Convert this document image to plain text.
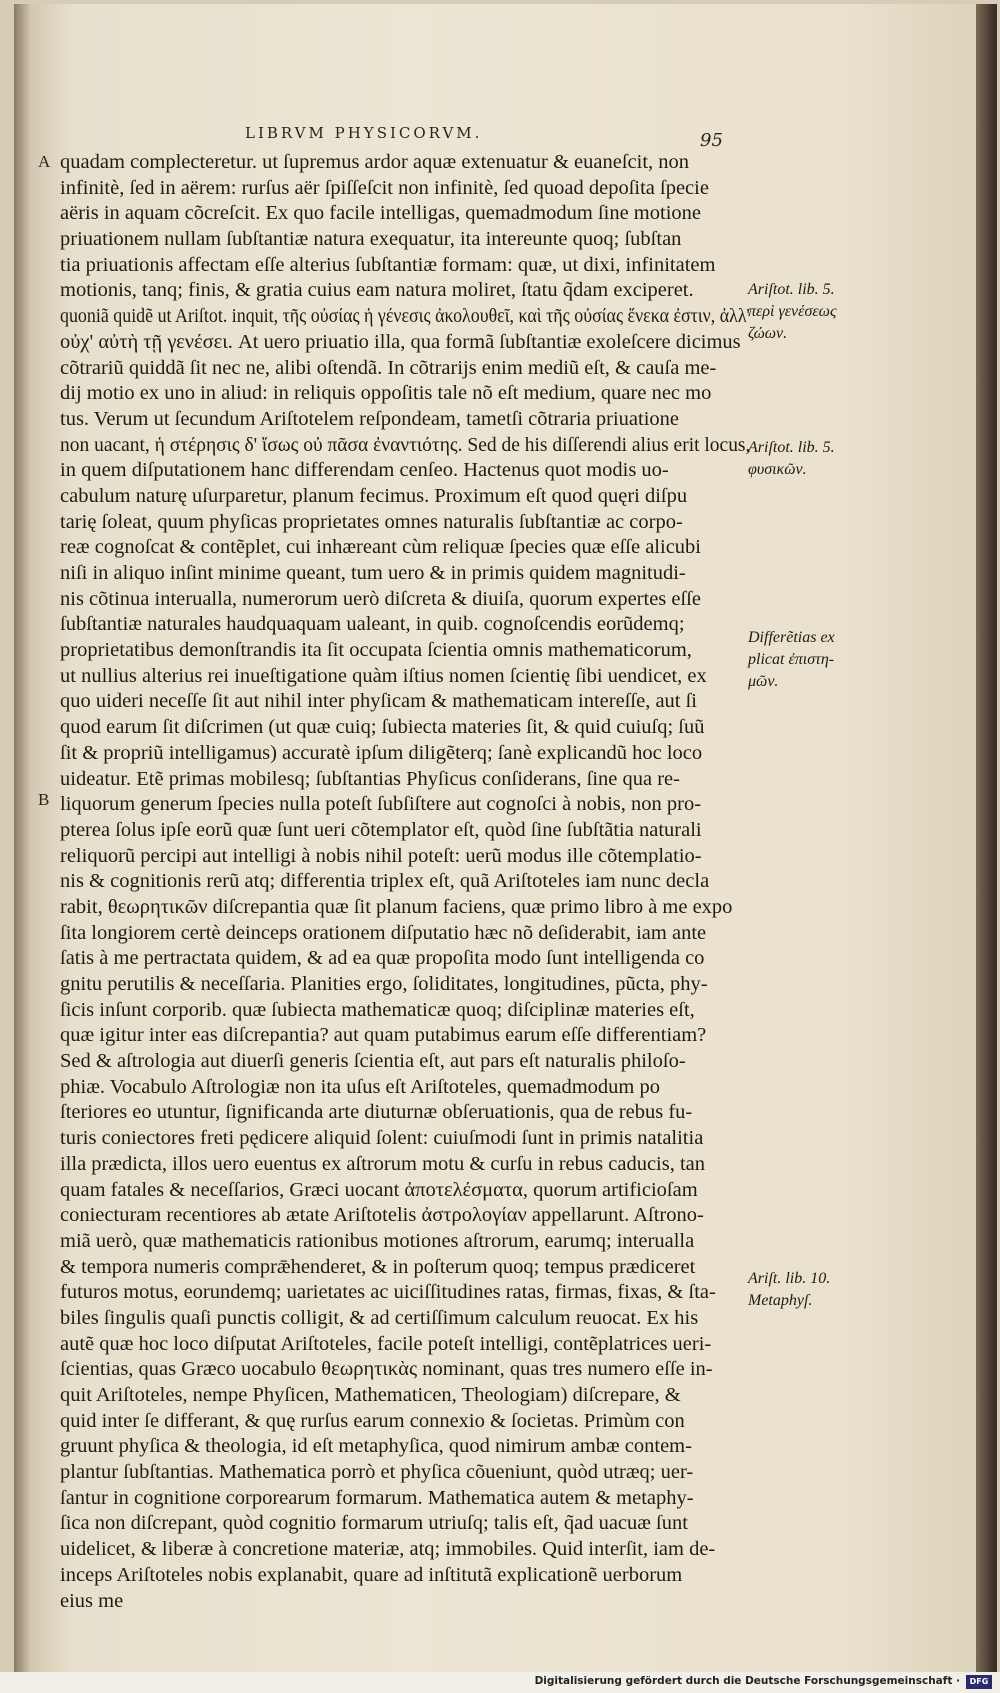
LIBRVM PHYSICORVM.	95
A
B
quadam complecteretur. ut ſupremus ardor aquæ extenuatur & euaneſcit, non
infinitè, ſed in aërem: rurſus aër ſpiſſeſcit non infinitè, ſed quoad depoſita ſpecie
aëris in aquam cõcreſcit. Ex quo facile intelligas, quemadmodum ſine motione
priuationem nullam ſubſtantiæ natura exequatur, ita intereunte quoq; ſubſtan
tia priuationis affectam eſſe alterius ſubſtantiæ formam: quæ, ut dixi, infinitatem
motionis, tanq; finis, & gratia cuius eam natura moliret, ſtatu q̃dam exciperet.
quoniã quidẽ ut Ariſtot. inquit, τῆς οὐσίας ἡ γένεσις ἀκολουθεῖ, καὶ τῆς οὐσίας ἕνεκα ἐστιν, ἀλλ'
οὐχ' αὐτὴ τῇ γενέσει. At uero priuatio illa, qua formã ſubſtantiæ exoleſcere dicimus
cõtrariũ quiddã ſit nec ne, alibi oſtendã. In cõtrarijs enim mediũ eſt, & cauſa me-
dij motio ex uno in aliud: in reliquis oppoſitis tale nõ eſt medium, quare nec mo
tus. Verum ut ſecundum Ariſtotelem reſpondeam, tametſi cõtraria priuatione
non uacant, ἡ στέρησις δ' ἴσως οὐ πᾶσα ἐναντιότης. Sed de his diſſerendi alius erit locus,
in quem diſputationem hanc differendam cenſeo. Hactenus quot modis uo-
cabulum naturę uſurparetur, planum fecimus. Proximum eſt quod quęri diſpu
tarię ſoleat, quum phyſicas proprietates omnes naturalis ſubſtantiæ ac corpo-
reæ cognoſcat & contẽplet, cui inhæreant cùm reliquæ ſpecies quæ eſſe alicubi
niſi in aliquo inſint minime queant, tum uero & in primis quidem magnitudi-
nis cõtinua interualla, numerorum uerò diſcreta & diuiſa, quorum expertes eſſe
ſubſtantiæ naturales haudquaquam ualeant, in quib. cognoſcendis eorũdemq;
proprietatibus demonſtrandis ita ſit occupata ſcientia omnis mathematicorum,
ut nullius alterius rei inueſtigatione quàm iſtius nomen ſcientię ſibi uendicet, ex
quo uideri neceſſe ſit aut nihil inter phyſicam & mathematicam intereſſe, aut ſi
quod earum ſit diſcrimen (ut quæ cuiq; ſubiecta materies ſit, & quid cuiuſq; ſuũ
ſit & propriũ intelligamus) accuratè ipſum diligẽterq; ſanè explicandũ hoc loco
uideatur. Etẽ primas mobilesq; ſubſtantias Phyſicus conſiderans, ſine qua re-
liquorum generum ſpecies nulla poteſt ſubſiſtere aut cognoſci à nobis, non pro-
pterea ſolus ipſe eorũ quæ ſunt ueri cõtemplator eſt, quòd ſine ſubſtãtia naturali
reliquorũ percipi aut intelligi à nobis nihil poteſt: uerũ modus ille cõtemplatio-
nis & cognitionis rerũ atq; differentia triplex eſt, quã Ariſtoteles iam nunc decla
rabit, θεωρητικῶν diſcrepantia quæ ſit planum faciens, quæ primo libro à me expo
ſita longiorem certè deinceps orationem diſputatio hæc nõ deſiderabit, iam ante
ſatis à me pertractata quidem, & ad ea quæ propoſita modo ſunt intelligenda co
gnitu perutilis & neceſſaria. Planities ergo, ſoliditates, longitudines, pũcta, phy-
ſicis inſunt corporib. quæ ſubiecta mathematicæ quoq; diſciplinæ materies eſt,
quæ igitur inter eas diſcrepantia? aut quam putabimus earum eſſe differentiam?
Sed & aſtrologia aut diuerſi generis ſcientia eſt, aut pars eſt naturalis philoſo-
phiæ. Vocabulo Aſtrologiæ non ita uſus eſt Ariſtoteles, quemadmodum po
ſteriores eo utuntur, ſignificanda arte diuturnæ obſeruationis, qua de rebus fu-
turis coniectores freti pędicere aliquid ſolent: cuiuſmodi ſunt in primis natalitia
illa prædicta, illos uero euentus ex aſtrorum motu & curſu in rebus caducis, tan
quam fatales & neceſſarios, Græci uocant ἀποτελέσματα, quorum artificioſam
coniecturam recentiores ab ætate Ariſtotelis ἀστρολογίαν appellarunt. Aſtrono-
miã uerò, quæ mathematicis rationibus motiones aſtrorum, earumq; interualla
& tempora numeris comprǣhenderet, & in poſterum quoq; tempus prædiceret
futuros motus, eorundemq; uarietates ac uiciſſitudines ratas, firmas, fixas, & ſta-
biles ſingulis quaſi punctis colligit, & ad certiſſimum calculum reuocat. Ex his
autẽ quæ hoc loco diſputat Ariſtoteles, facile poteſt intelligi, contẽplatrices ueri-
ſcientias, quas Græco uocabulo θεωρητικὰς nominant, quas tres numero eſſe in-
quit Ariſtoteles, nempe Phyſicen, Mathematicen, Theologiam) diſcrepare, &
quid inter ſe differant, & quę rurſus earum connexio & ſocietas. Primùm con
gruunt phyſica & theologia, id eſt metaphyſica, quod nimirum ambæ contem-
plantur ſubſtantias. Mathematica porrò et phyſica cõueniunt, quòd utræq; uer-
ſantur in cognitione corporearum formarum. Mathematica autem & metaphy-
ſica non diſcrepant, quòd cognitio formarum utriuſq; talis eſt, q̃ad uacuæ ſunt
uidelicet, & liberæ à concretione materiæ, atq; immobiles. Quid interſit, iam de-
inceps Ariſtoteles nobis explanabit, quare ad inſtitutã explicationẽ uerborum
eius me
Ariſtot. lib. 5.
περὶ γενέσεως
ζώων.
Ariſtot. lib. 5.
φυσικῶν.
Differẽtias ex
plicat ἐπιστη-
μῶν.
Ariſt. lib. 10.
Metaphyſ.
Digitalisierung gefördert durch die Deutsche Forschungsgemeinschaft ·	DFG
